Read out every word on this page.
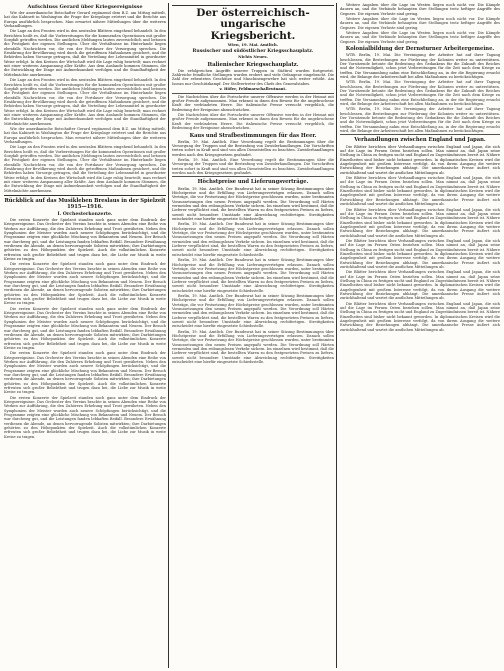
Aufschluss Gerard über Kriegsereignisse
Wie der amerikanische Botschafter Gerard ergänzend dem B.Z. am Mittag mitteilt, hat das Kabinett in Washington die Frage der Kriegslage erörtert und die Berichte aus Europa ausführlich besprochen. Man erwartet nähere Mitteilungen über die weiteren Verhandlungen.
Die Lage an den Fronten wird in den neutralen Blättern eingehend behandelt. In den Berichten heißt es, daß die Vorbereitungen für die kommenden Operationen mit großer Sorgfalt getroffen werden. Die amtlichen Meldungen lauten zuversichtlich und betonen die Festigkeit der eigenen Stellungen. Über die Verhältnisse im Hinterlande liegen ebenfalls Nachrichten vor, die von der Fortdauer der Versorgung sprechen. Die Ernährung der Bevölkerung wird durch die getroffenen Maßnahmen gesichert, und die Behörden haben Vorsorge getragen, daß die Verteilung der Lebensmittel in geordneter Weise erfolgt. In den Kreisen der Wirtschaft wird die Lage ruhig beurteilt; man rechnet mit einer weiteren Anspannung aller Kräfte. Aus dem Auslande kommen Stimmen, die die Entwicklung der Dinge mit Aufmerksamkeit verfolgen und die Standhaftigkeit der Mittelmächte anerkennen.
Die Lage an den Fronten wird in den neutralen Blättern eingehend behandelt. In den Berichten heißt es, daß die Vorbereitungen für die kommenden Operationen mit großer Sorgfalt getroffen werden. Die amtlichen Meldungen lauten zuversichtlich und betonen die Festigkeit der eigenen Stellungen. Über die Verhältnisse im Hinterlande liegen ebenfalls Nachrichten vor, die von der Fortdauer der Versorgung sprechen. Die Ernährung der Bevölkerung wird durch die getroffenen Maßnahmen gesichert, und die Behörden haben Vorsorge getragen, daß die Verteilung der Lebensmittel in geordneter Weise erfolgt. In den Kreisen der Wirtschaft wird die Lage ruhig beurteilt; man rechnet mit einer weiteren Anspannung aller Kräfte. Aus dem Auslande kommen Stimmen, die die Entwicklung der Dinge mit Aufmerksamkeit verfolgen und die Standhaftigkeit der Mittelmächte anerkennen.
Wie der amerikanische Botschafter Gerard ergänzend dem B.Z. am Mittag mitteilt, hat das Kabinett in Washington die Frage der Kriegslage erörtert und die Berichte aus Europa ausführlich besprochen. Man erwartet nähere Mitteilungen über die weiteren Verhandlungen.
Die Lage an den Fronten wird in den neutralen Blättern eingehend behandelt. In den Berichten heißt es, daß die Vorbereitungen für die kommenden Operationen mit großer Sorgfalt getroffen werden. Die amtlichen Meldungen lauten zuversichtlich und betonen die Festigkeit der eigenen Stellungen. Über die Verhältnisse im Hinterlande liegen ebenfalls Nachrichten vor, die von der Fortdauer der Versorgung sprechen. Die Ernährung der Bevölkerung wird durch die getroffenen Maßnahmen gesichert, und die Behörden haben Vorsorge getragen, daß die Verteilung der Lebensmittel in geordneter Weise erfolgt. In den Kreisen der Wirtschaft wird die Lage ruhig beurteilt; man rechnet mit einer weiteren Anspannung aller Kräfte. Aus dem Auslande kommen Stimmen, die die Entwicklung der Dinge mit Aufmerksamkeit verfolgen und die Standhaftigkeit der Mittelmächte anerkennen.
Rückblick auf das Musikleben Breslaus in der Spielzeit 1915—1916.
I. Orchesterkonzerte.
Die ersten Konzerte der Spielzeit standen noch ganz unter dem Eindruck der Kriegsereignisse. Das Orchester des Vereins brachte in seinen Abenden eine Reihe von Werken zur Aufführung, die den Zuhörern Erhebung und Trost gewährten. Neben den Symphonien der Meister wurden auch neuere Schöpfungen berücksichtigt, und die Programme zeigten eine glückliche Mischung von Bekanntem und Neuem. Der Besuch war durchweg gut, und die Leistungen fanden lebhaften Beifall. Besondere Erwähnung verdienen die Abende, an denen hervorragende Solisten mitwirkten; ihre Darbietungen gehörten zu den Höhepunkten der Spielzeit. Auch die volkstümlichen Konzerte erfreuten sich großer Beliebtheit und trugen dazu bei, die Liebe zur Musik in weite Kreise zu tragen.
Die ersten Konzerte der Spielzeit standen noch ganz unter dem Eindruck der Kriegsereignisse. Das Orchester des Vereins brachte in seinen Abenden eine Reihe von Werken zur Aufführung, die den Zuhörern Erhebung und Trost gewährten. Neben den Symphonien der Meister wurden auch neuere Schöpfungen berücksichtigt, und die Programme zeigten eine glückliche Mischung von Bekanntem und Neuem. Der Besuch war durchweg gut, und die Leistungen fanden lebhaften Beifall. Besondere Erwähnung verdienen die Abende, an denen hervorragende Solisten mitwirkten; ihre Darbietungen gehörten zu den Höhepunkten der Spielzeit. Auch die volkstümlichen Konzerte erfreuten sich großer Beliebtheit und trugen dazu bei, die Liebe zur Musik in weite Kreise zu tragen.
Die ersten Konzerte der Spielzeit standen noch ganz unter dem Eindruck der Kriegsereignisse. Das Orchester des Vereins brachte in seinen Abenden eine Reihe von Werken zur Aufführung, die den Zuhörern Erhebung und Trost gewährten. Neben den Symphonien der Meister wurden auch neuere Schöpfungen berücksichtigt, und die Programme zeigten eine glückliche Mischung von Bekanntem und Neuem. Der Besuch war durchweg gut, und die Leistungen fanden lebhaften Beifall. Besondere Erwähnung verdienen die Abende, an denen hervorragende Solisten mitwirkten; ihre Darbietungen gehörten zu den Höhepunkten der Spielzeit. Auch die volkstümlichen Konzerte erfreuten sich großer Beliebtheit und trugen dazu bei, die Liebe zur Musik in weite Kreise zu tragen.
Die ersten Konzerte der Spielzeit standen noch ganz unter dem Eindruck der Kriegsereignisse. Das Orchester des Vereins brachte in seinen Abenden eine Reihe von Werken zur Aufführung, die den Zuhörern Erhebung und Trost gewährten. Neben den Symphonien der Meister wurden auch neuere Schöpfungen berücksichtigt, und die Programme zeigten eine glückliche Mischung von Bekanntem und Neuem. Der Besuch war durchweg gut, und die Leistungen fanden lebhaften Beifall. Besondere Erwähnung verdienen die Abende, an denen hervorragende Solisten mitwirkten; ihre Darbietungen gehörten zu den Höhepunkten der Spielzeit. Auch die volkstümlichen Konzerte erfreuten sich großer Beliebtheit und trugen dazu bei, die Liebe zur Musik in weite Kreise zu tragen.
Die ersten Konzerte der Spielzeit standen noch ganz unter dem Eindruck der Kriegsereignisse. Das Orchester des Vereins brachte in seinen Abenden eine Reihe von Werken zur Aufführung, die den Zuhörern Erhebung und Trost gewährten. Neben den Symphonien der Meister wurden auch neuere Schöpfungen berücksichtigt, und die Programme zeigten eine glückliche Mischung von Bekanntem und Neuem. Der Besuch war durchweg gut, und die Leistungen fanden lebhaften Beifall. Besondere Erwähnung verdienen die Abende, an denen hervorragende Solisten mitwirkten; ihre Darbietungen gehörten zu den Höhepunkten der Spielzeit. Auch die volkstümlichen Konzerte erfreuten sich großer Beliebtheit und trugen dazu bei, die Liebe zur Musik in weite Kreise zu tragen.
Der österreichisch-ungarische
Kriegsbericht.
Wien, 19. Mai. Amtlich.
Russischer und südöstlicher Kriegsschauplatz.
Nichts Neues.
Italienischer Kriegsschauplatz.
Die erfolgreichen Angriffe unserer Truppen in Südtirol wurden fortgesetzt. Zahlreiche feindliche Stellungen wurden erobert und viele Gefangene eingebracht. Die Zahl der erbeuteten Geschütze und Maschinengewehre hat sich weiter erhöht. Am Isonzo nur Geschützkampf. Der Stellvertreter des Chefs des Generalstabes.
v. Höfer, Feldmarschalleutnant.
Die Nachrichten über die Fortschritte unserer Offensive werden in der Heimat mit großer Freude aufgenommen. Man erkennt in ihnen den Beweis für die ungebrochene Kraft der verbündeten Heere. Die italienische Presse versucht vergeblich, die Bedeutung der Ereignisse abzuschwächen.
Die Nachrichten über die Fortschritte unserer Offensive werden in der Heimat mit großer Freude aufgenommen. Man erkennt in ihnen den Beweis für die ungebrochene Kraft der verbündeten Heere. Die italienische Presse versucht vergeblich, die Bedeutung der Ereignisse abzuschwächen.
Kaus und Strafbestimmungen für das Heer.
Berlin, 19. Mai. Amtlich. Eine Verordnung regelt die Bestimmungen über die Versorgung der Truppen und die Bestrafung von Zuwiderhandlungen. Die Vorschriften treten sofort in Kraft und sind von allen Dienststellen zu beachten. Zuwiderhandlungen werden nach den Kriegsgesetzen geahndet.
Berlin, 19. Mai. Amtlich. Eine Verordnung regelt die Bestimmungen über die Versorgung der Truppen und die Bestrafung von Zuwiderhandlungen. Die Vorschriften treten sofort in Kraft und sind von allen Dienststellen zu beachten. Zuwiderhandlungen werden nach den Kriegsgesetzen geahndet.
Höchstpreise und Lieferungsverträge.
Berlin, 19. Mai. Amtlich. Der Bundesrat hat in seiner Sitzung Bestimmungen über Höchstpreise und die Erfüllung von Lieferungsverträgen erlassen. Danach sollen Verträge, die vor Festsetzung der Höchstpreise geschlossen wurden, unter bestimmten Voraussetzungen den neuen Preisen angepaßt werden. Die Verordnung soll Härten vermeiden und den reibungslosen Verkehr sichern. Im einzelnen wird bestimmt, daß die Lieferer verpflichtet sind, die bestellten Waren zu den festgesetzten Preisen zu liefern, soweit nicht besondere Umstände eine Abweichung rechtfertigen. Streitigkeiten entscheidet eine hierfür eingesetzte Schiedsstelle.
Berlin, 19. Mai. Amtlich. Der Bundesrat hat in seiner Sitzung Bestimmungen über Höchstpreise und die Erfüllung von Lieferungsverträgen erlassen. Danach sollen Verträge, die vor Festsetzung der Höchstpreise geschlossen wurden, unter bestimmten Voraussetzungen den neuen Preisen angepaßt werden. Die Verordnung soll Härten vermeiden und den reibungslosen Verkehr sichern. Im einzelnen wird bestimmt, daß die Lieferer verpflichtet sind, die bestellten Waren zu den festgesetzten Preisen zu liefern, soweit nicht besondere Umstände eine Abweichung rechtfertigen. Streitigkeiten entscheidet eine hierfür eingesetzte Schiedsstelle.
Berlin, 19. Mai. Amtlich. Der Bundesrat hat in seiner Sitzung Bestimmungen über Höchstpreise und die Erfüllung von Lieferungsverträgen erlassen. Danach sollen Verträge, die vor Festsetzung der Höchstpreise geschlossen wurden, unter bestimmten Voraussetzungen den neuen Preisen angepaßt werden. Die Verordnung soll Härten vermeiden und den reibungslosen Verkehr sichern. Im einzelnen wird bestimmt, daß die Lieferer verpflichtet sind, die bestellten Waren zu den festgesetzten Preisen zu liefern, soweit nicht besondere Umstände eine Abweichung rechtfertigen. Streitigkeiten entscheidet eine hierfür eingesetzte Schiedsstelle.
Berlin, 19. Mai. Amtlich. Der Bundesrat hat in seiner Sitzung Bestimmungen über Höchstpreise und die Erfüllung von Lieferungsverträgen erlassen. Danach sollen Verträge, die vor Festsetzung der Höchstpreise geschlossen wurden, unter bestimmten Voraussetzungen den neuen Preisen angepaßt werden. Die Verordnung soll Härten vermeiden und den reibungslosen Verkehr sichern. Im einzelnen wird bestimmt, daß die Lieferer verpflichtet sind, die bestellten Waren zu den festgesetzten Preisen zu liefern, soweit nicht besondere Umstände eine Abweichung rechtfertigen. Streitigkeiten entscheidet eine hierfür eingesetzte Schiedsstelle.
Berlin, 19. Mai. Amtlich. Der Bundesrat hat in seiner Sitzung Bestimmungen über Höchstpreise und die Erfüllung von Lieferungsverträgen erlassen. Danach sollen Verträge, die vor Festsetzung der Höchstpreise geschlossen wurden, unter bestimmten Voraussetzungen den neuen Preisen angepaßt werden. Die Verordnung soll Härten vermeiden und den reibungslosen Verkehr sichern. Im einzelnen wird bestimmt, daß die Lieferer verpflichtet sind, die bestellten Waren zu den festgesetzten Preisen zu liefern, soweit nicht besondere Umstände eine Abweichung rechtfertigen. Streitigkeiten entscheidet eine hierfür eingesetzte Schiedsstelle.
Weitere Angaben über die Lage im Westen liegen noch nicht vor. Die Kämpfe dauern an, und die Verbände behaupten ihre Stellungen trotz heftiger Angriffe des Gegners. Die eigenen Verluste sind gering.
Weitere Angaben über die Lage im Westen liegen noch nicht vor. Die Kämpfe dauern an, und die Verbände behaupten ihre Stellungen trotz heftiger Angriffe des Gegners. Die eigenen Verluste sind gering.
Weitere Angaben über die Lage im Westen liegen noch nicht vor. Die Kämpfe dauern an, und die Verbände behaupten ihre Stellungen trotz heftiger Angriffe des Gegners. Die eigenen Verluste sind gering.
Kolonialbildung der Dernsturner Arbeitergemeine.
WTB. Berlin, 19. Mai. Die Vereinigung der Arbeiter hat auf ihrer Tagung beschlossen, die Bestrebungen zur Förderung der Kolonien weiter zu unterstützen. Der Vorsitzende betonte die Bedeutung des Gedankens für die Zukunft des Reiches und die Notwendigkeit, schon jetzt Vorbereitungen für die Zeit nach dem Kriege zu treffen. Die Versammlung nahm eine Entschließung an, in der die Regierung ersucht wird, die Belange der Arbeiterschaft bei allen Maßnahmen zu berücksichtigen.
WTB. Berlin, 19. Mai. Die Vereinigung der Arbeiter hat auf ihrer Tagung beschlossen, die Bestrebungen zur Förderung der Kolonien weiter zu unterstützen. Der Vorsitzende betonte die Bedeutung des Gedankens für die Zukunft des Reiches und die Notwendigkeit, schon jetzt Vorbereitungen für die Zeit nach dem Kriege zu treffen. Die Versammlung nahm eine Entschließung an, in der die Regierung ersucht wird, die Belange der Arbeiterschaft bei allen Maßnahmen zu berücksichtigen.
WTB. Berlin, 19. Mai. Die Vereinigung der Arbeiter hat auf ihrer Tagung beschlossen, die Bestrebungen zur Förderung der Kolonien weiter zu unterstützen. Der Vorsitzende betonte die Bedeutung des Gedankens für die Zukunft des Reiches und die Notwendigkeit, schon jetzt Vorbereitungen für die Zeit nach dem Kriege zu treffen. Die Versammlung nahm eine Entschließung an, in der die Regierung ersucht wird, die Belange der Arbeiterschaft bei allen Maßnahmen zu berücksichtigen.
Verhandlungen zwischen England und Japan.
Die Blätter berichten über Verhandlungen zwischen England und Japan, die sich auf die Lage im Fernen Osten beziehen sollen. Man nimmt an, daß Japan seine Stellung in China zu festigen sucht und England zu Zugeständnissen bereit ist. Nähere Einzelheiten sind bisher nicht bekannt geworden. In diplomatischen Kreisen wird die Angelegenheit mit großem Interesse verfolgt, da von ihrem Ausgang die weitere Entwicklung der Beziehungen abhängt. Die amerikanische Presse äußert sich zurückhaltend und wartet die amtlichen Mitteilungen ab.
Die Blätter berichten über Verhandlungen zwischen England und Japan, die sich auf die Lage im Fernen Osten beziehen sollen. Man nimmt an, daß Japan seine Stellung in China zu festigen sucht und England zu Zugeständnissen bereit ist. Nähere Einzelheiten sind bisher nicht bekannt geworden. In diplomatischen Kreisen wird die Angelegenheit mit großem Interesse verfolgt, da von ihrem Ausgang die weitere Entwicklung der Beziehungen abhängt. Die amerikanische Presse äußert sich zurückhaltend und wartet die amtlichen Mitteilungen ab.
Die Blätter berichten über Verhandlungen zwischen England und Japan, die sich auf die Lage im Fernen Osten beziehen sollen. Man nimmt an, daß Japan seine Stellung in China zu festigen sucht und England zu Zugeständnissen bereit ist. Nähere Einzelheiten sind bisher nicht bekannt geworden. In diplomatischen Kreisen wird die Angelegenheit mit großem Interesse verfolgt, da von ihrem Ausgang die weitere Entwicklung der Beziehungen abhängt. Die amerikanische Presse äußert sich zurückhaltend und wartet die amtlichen Mitteilungen ab.
Die Blätter berichten über Verhandlungen zwischen England und Japan, die sich auf die Lage im Fernen Osten beziehen sollen. Man nimmt an, daß Japan seine Stellung in China zu festigen sucht und England zu Zugeständnissen bereit ist. Nähere Einzelheiten sind bisher nicht bekannt geworden. In diplomatischen Kreisen wird die Angelegenheit mit großem Interesse verfolgt, da von ihrem Ausgang die weitere Entwicklung der Beziehungen abhängt. Die amerikanische Presse äußert sich zurückhaltend und wartet die amtlichen Mitteilungen ab.
Die Blätter berichten über Verhandlungen zwischen England und Japan, die sich auf die Lage im Fernen Osten beziehen sollen. Man nimmt an, daß Japan seine Stellung in China zu festigen sucht und England zu Zugeständnissen bereit ist. Nähere Einzelheiten sind bisher nicht bekannt geworden. In diplomatischen Kreisen wird die Angelegenheit mit großem Interesse verfolgt, da von ihrem Ausgang die weitere Entwicklung der Beziehungen abhängt. Die amerikanische Presse äußert sich zurückhaltend und wartet die amtlichen Mitteilungen ab.
Die Blätter berichten über Verhandlungen zwischen England und Japan, die sich auf die Lage im Fernen Osten beziehen sollen. Man nimmt an, daß Japan seine Stellung in China zu festigen sucht und England zu Zugeständnissen bereit ist. Nähere Einzelheiten sind bisher nicht bekannt geworden. In diplomatischen Kreisen wird die Angelegenheit mit großem Interesse verfolgt, da von ihrem Ausgang die weitere Entwicklung der Beziehungen abhängt. Die amerikanische Presse äußert sich zurückhaltend und wartet die amtlichen Mitteilungen ab.
